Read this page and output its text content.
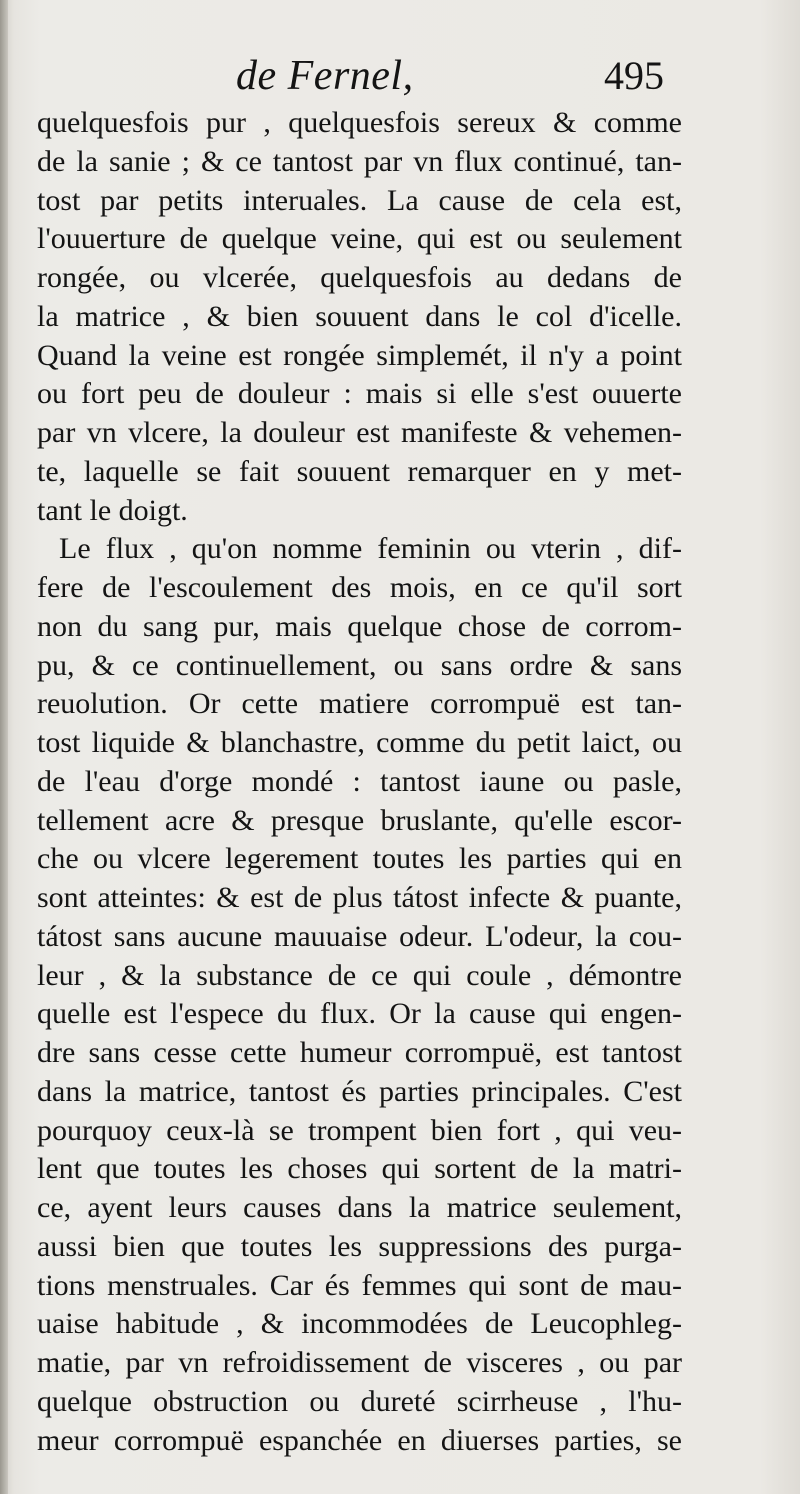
de Fernel,	495
quelquesfois pur , quelquesfois sereux & comme
de la sanie ; & ce tantost par vn flux continué, tan-
tost par petits interuales. La cause de cela est,
l'ouuerture de quelque veine, qui est ou seulement
rongée, ou vlcerée, quelquesfois au dedans de
la matrice , & bien souuent dans le col d'icelle.
Quand la veine est rongée simplemét, il n'y a point
ou fort peu de douleur : mais si elle s'est ouuerte
par vn vlcere, la douleur est manifeste & vehemen-
te, laquelle se fait souuent remarquer en y met-
tant le doigt.
Le flux , qu'on nomme feminin ou vterin , dif-
fere de l'escoulement des mois, en ce qu'il sort
non du sang pur, mais quelque chose de corrom-
pu, & ce continuellement, ou sans ordre & sans
reuolution. Or cette matiere corrompuë est tan-
tost liquide & blanchastre, comme du petit laict, ou
de l'eau d'orge mondé : tantost iaune ou pasle,
tellement acre & presque bruslante, qu'elle escor-
che ou vlcere legerement toutes les parties qui en
sont atteintes: & est de plus tátost infecte & puante,
tátost sans aucune mauuaise odeur. L'odeur, la cou-
leur , & la substance de ce qui coule , démontre
quelle est l'espece du flux. Or la cause qui engen-
dre sans cesse cette humeur corrompuë, est tantost
dans la matrice, tantost és parties principales. C'est
pourquoy ceux-là se trompent bien fort , qui veu-
lent que toutes les choses qui sortent de la matri-
ce, ayent leurs causes dans la matrice seulement,
aussi bien que toutes les suppressions des purga-
tions menstruales. Car és femmes qui sont de mau-
uaise habitude , & incommodées de Leucophleg-
matie, par vn refroidissement de visceres , ou par
quelque obstruction ou dureté scirrheuse , l'hu-
meur corrompuë espanchée en diuerses parties, se
